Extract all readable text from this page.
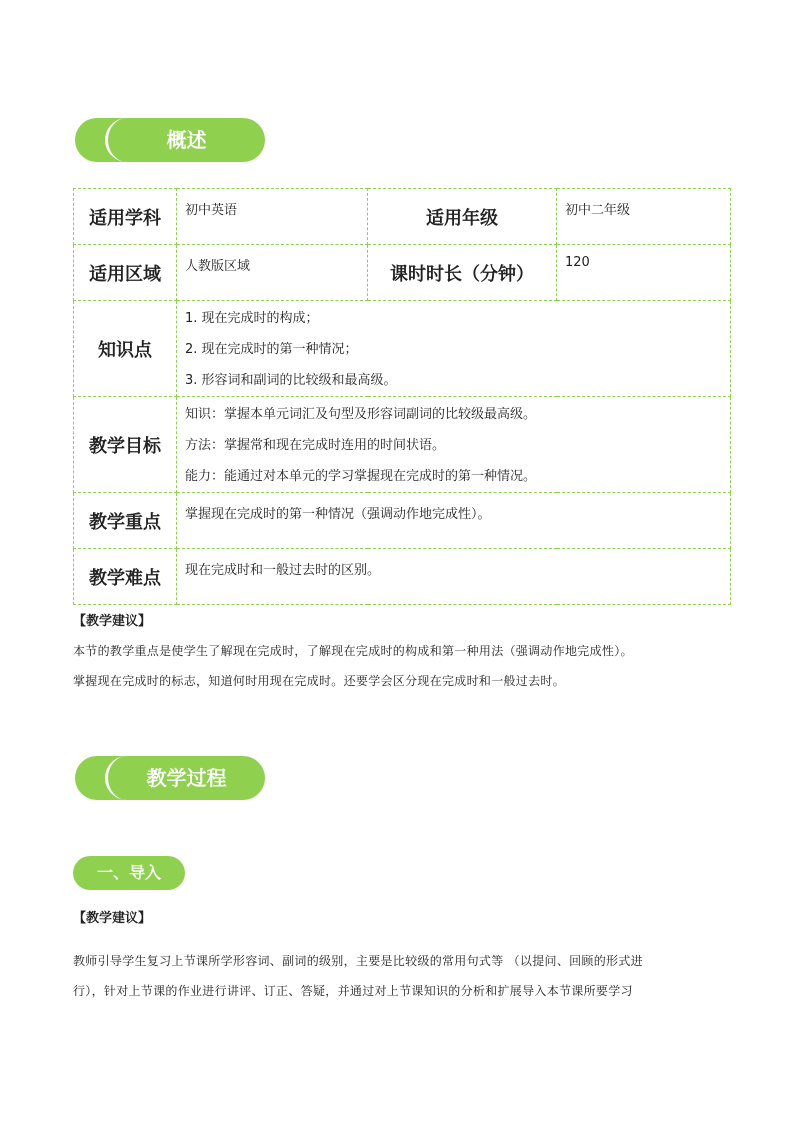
概述
适用学科	初中英语	适用年级	初中二年级
适用区域	人教版区域	课时时长（分钟）	120
知识点	1. 现在完成时的构成；
2. 现在完成时的第一种情况；
3. 形容词和副词的比较级和最高级。		

教学目标	知识：掌握本单元词汇及句型及形容词副词的比较级最高级。
方法：掌握常和现在完成时连用的时间状语。
能力：能通过对本单元的学习掌握现在完成时的第一种情况。		

教学重点	掌握现在完成时的第一种情况（强调动作地完成性）。		
教学难点	现在完成时和一般过去时的区别。		
【教学建议】
本节的教学重点是使学生了解现在完成时，了解现在完成时的构成和第一种用法（强调动作地完成性）。
掌握现在完成时的标志，知道何时用现在完成时。还要学会区分现在完成时和一般过去时。
教学过程
一、导入
【教学建议】
教师引导学生复习上节课所学形容词、副词的级别，主要是比较级的常用句式等 （以提问、回顾的形式进
行），针对上节课的作业进行讲评、订正、答疑，并通过对上节课知识的分析和扩展导入本节课所要学习
